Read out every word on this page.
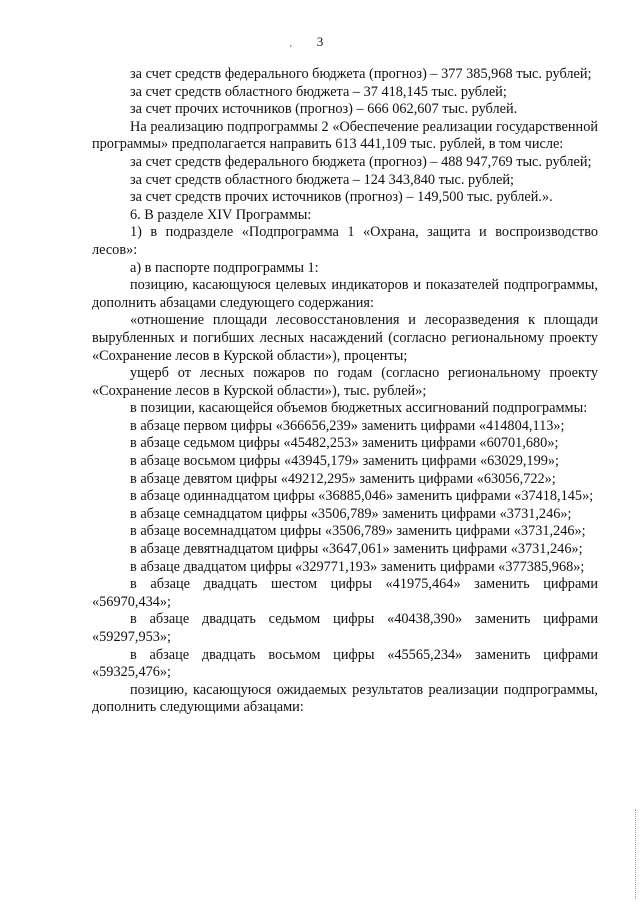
3
'

за счет средств федерального бюджета (прогноз) – 377 385,968 тыс. рублей;

за счет средств областного бюджета – 37 418,145 тыс. рублей;

за счет прочих источников (прогноз) – 666 062,607 тыс. рублей.

На реализацию подпрограммы 2 «Обеспечение реализации государственной программы» предполагается направить 613 441,109 тыс. рублей, в том числе:

за счет средств федерального бюджета (прогноз) – 488 947,769 тыс. рублей;

за счет средств областного бюджета – 124 343,840 тыс. рублей;

за счет средств прочих источников (прогноз) – 149,500 тыс. рублей.».

6. В разделе XIV Программы:

1) в подразделе «Подпрограмма 1 «Охрана, защита и воспроизводство лесов»:

а) в паспорте подпрограммы 1:

позицию, касающуюся целевых индикаторов и показателей подпрограммы, дополнить абзацами следующего содержания:

«отношение площади лесовосстановления и лесоразведения к площади вырубленных и погибших лесных насаждений (согласно региональному проекту «Сохранение лесов в Курской области»), проценты;

ущерб от лесных пожаров по годам (согласно региональному проекту «Сохранение лесов в Курской области»), тыс. рублей»;

в позиции, касающейся объемов бюджетных ассигнований подпрограммы:

в абзаце первом цифры «366656,239» заменить цифрами «414804,113»;

в абзаце седьмом цифры «45482,253» заменить цифрами «60701,680»;

в абзаце восьмом цифры «43945,179» заменить цифрами «63029,199»;

в абзаце девятом цифры «49212,295» заменить цифрами «63056,722»;

в абзаце одиннадцатом цифры «36885,046» заменить цифрами «37418,145»;

в абзаце семнадцатом цифры «3506,789» заменить цифрами «3731,246»;

в абзаце восемнадцатом цифры «3506,789» заменить цифрами «3731,246»;

в абзаце девятнадцатом цифры «3647,061» заменить цифрами «3731,246»;

в абзаце двадцатом цифры «329771,193» заменить цифрами «377385,968»;

в абзаце двадцать шестом цифры «41975,464» заменить цифрами «56970,434»;

в абзаце двадцать седьмом цифры «40438,390» заменить цифрами «59297,953»;

в абзаце двадцать восьмом цифры «45565,234» заменить цифрами «59325,476»;

позицию, касающуюся ожидаемых результатов реализации подпрограммы, дополнить следующими абзацами:
